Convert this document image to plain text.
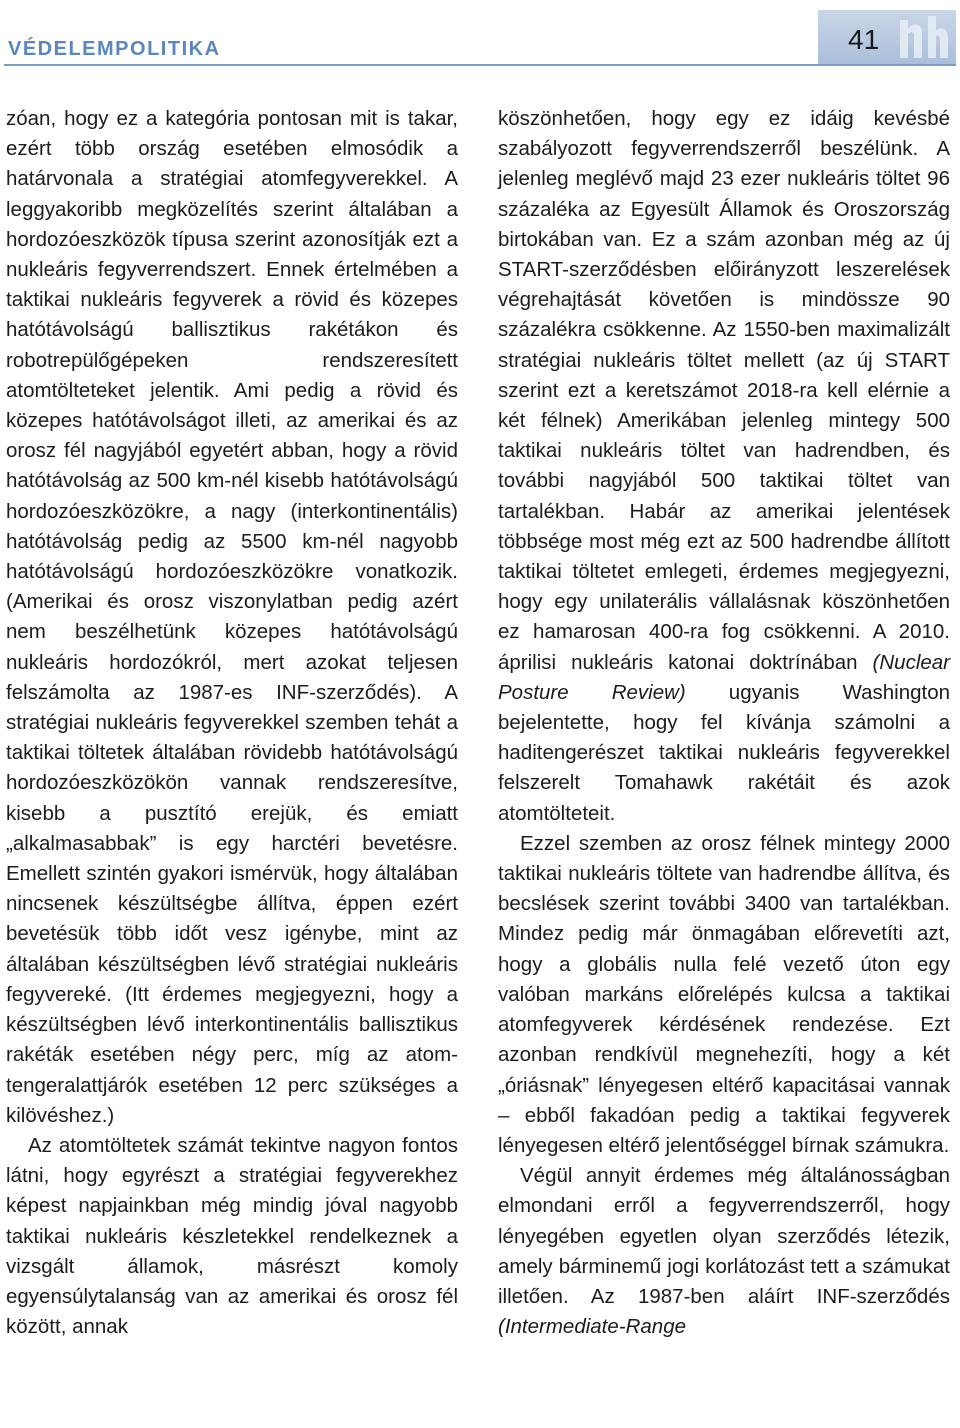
VÉDELEMPOLITIKA	41

zóan, hogy ez a kategória pontosan mit is takar, ezért több ország esetében elmosódik a határvonala a stratégiai atomfegyverekkel. A leggyakoribb megközelítés szerint általában a hordozóeszközök típusa szerint azonosítják ezt a nukleáris fegyverrendszert. Ennek értelmében a taktikai nukleáris fegyverek a rövid és közepes hatótávolságú ballisztikus rakétákon és robotrepülőgépeken rendszeresített atomtölteteket jelentik. Ami pedig a rövid és közepes hatótávolságot illeti, az amerikai és az orosz fél nagyjából egyetért abban, hogy a rövid hatótávolság az 500 km-nél kisebb hatótávolságú hordozóeszközökre, a nagy (interkontinentális) hatótávolság pedig az 5500 km-nél nagyobb hatótávolságú hordozóeszközökre vonatkozik. (Amerikai és orosz viszonylatban pedig azért nem beszélhetünk közepes hatótávolságú nukleáris hordozókról, mert azokat teljesen felszámolta az 1987-es INF-szerződés). A stratégiai nukleáris fegyverekkel szemben tehát a taktikai töltetek általában rövidebb hatótávolságú hordozóeszközökön vannak rendszeresítve, kisebb a pusztító erejük, és emiatt „alkalmasabbak” is egy harctéri bevetésre. Emellett szintén gyakori ismérvük, hogy általában nincsenek készültségbe állítva, éppen ezért bevetésük több időt vesz igénybe, mint az általában készültségben lévő stratégiai nukleáris fegyvereké. (Itt érdemes megjegyezni, hogy a készültségben lévő interkontinentális ballisztikus rakéták esetében négy perc, míg az atom-tengeralattjárók esetében 12 perc szükséges a kilövéshez.)

Az atomtöltetek számát tekintve nagyon fontos látni, hogy egyrészt a stratégiai fegyverekhez képest napjainkban még mindig jóval nagyobb taktikai nukleáris készletekkel rendelkeznek a vizsgált államok, másrészt komoly egyensúlytalanság van az amerikai és orosz fél között, annak

köszönhetően, hogy egy ez idáig kevésbé szabályozott fegyverrendszerről beszélünk. A jelenleg meglévő majd 23 ezer nukleáris töltet 96 százaléka az Egyesült Államok és Oroszország birtokában van. Ez a szám azonban még az új START-szerződésben előirányzott leszerelések végrehajtását követően is mindössze 90 százalékra csökkenne. Az 1550-ben maximalizált stratégiai nukleáris töltet mellett (az új START szerint ezt a keretszámot 2018-ra kell elérnie a két félnek) Amerikában jelenleg mintegy 500 taktikai nukleáris töltet van hadrendben, és további nagyjából 500 taktikai töltet van tartalékban. Habár az amerikai jelentések többsége most még ezt az 500 hadrendbe állított taktikai töltetet emlegeti, érdemes megjegyezni, hogy egy unilaterális vállalásnak köszönhetően ez hamarosan 400-ra fog csökkenni. A 2010. áprilisi nukleáris katonai doktrínában (Nuclear Posture Review) ugyanis Washington bejelentette, hogy fel kívánja számolni a haditengerészet taktikai nukleáris fegyverekkel felszerelt Tomahawk rakétáit és azok atomtölteteit.

Ezzel szemben az orosz félnek mintegy 2000 taktikai nukleáris töltete van hadrendbe állítva, és becslések szerint további 3400 van tartalékban. Mindez pedig már önmagában előrevetíti azt, hogy a globális nulla felé vezető úton egy valóban markáns előrelépés kulcsa a taktikai atomfegyverek kérdésének rendezése. Ezt azonban rendkívül megnehezíti, hogy a két „óriásnak” lényegesen eltérő kapacitásai vannak – ebből fakadóan pedig a taktikai fegyverek lényegesen eltérő jelentőséggel bírnak számukra.

Végül annyit érdemes még általánosságban elmondani erről a fegyverrendszerről, hogy lényegében egyetlen olyan szerződés létezik, amely bárminemű jogi korlátozást tett a számukat illetően. Az 1987-ben aláírt INF-szerződés (Intermediate-Range
